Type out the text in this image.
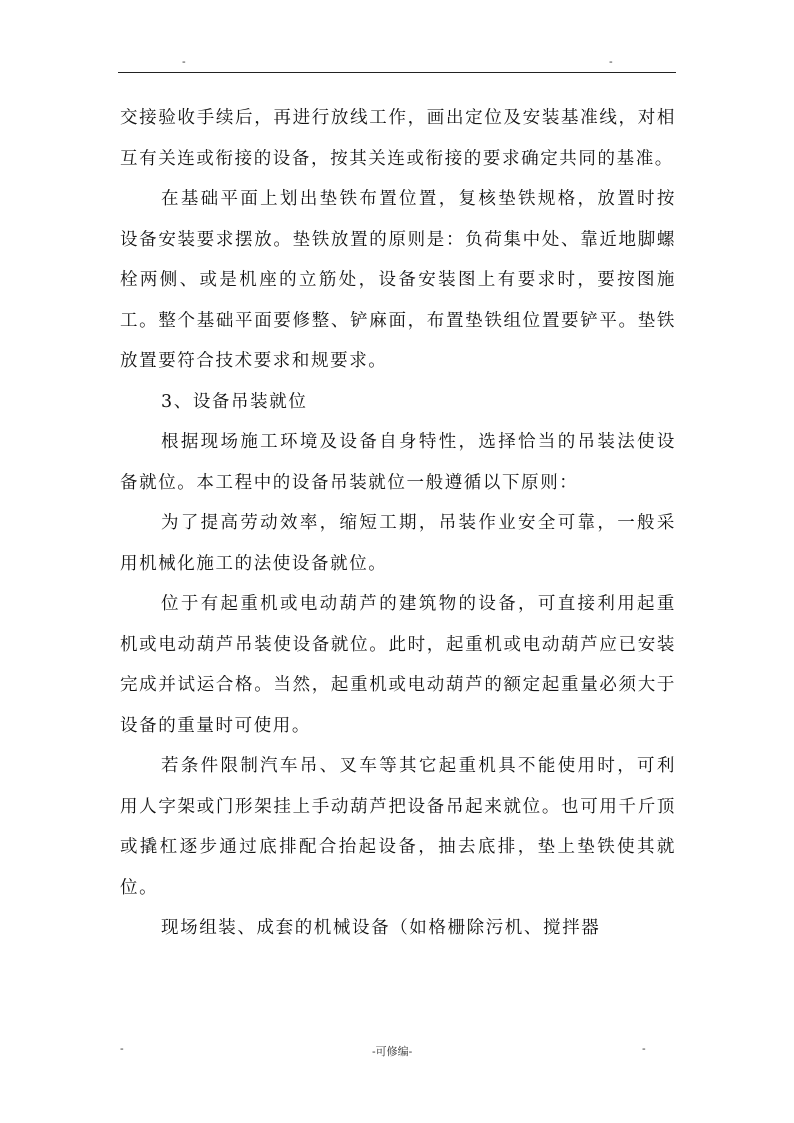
-	-

交接验收手续后，再进行放线工作，画出定位及安装基准线，对相互有关连或衔接的设备，按其关连或衔接的要求确定共同的基准。

在基础平面上划出垫铁布置位置，复核垫铁规格，放置时按设备安装要求摆放。垫铁放置的原则是：负荷集中处、靠近地脚螺栓两侧、或是机座的立筋处，设备安装图上有要求时，要按图施工。整个基础平面要修整、铲麻面，布置垫铁组位置要铲平。垫铁放置要符合技术要求和规要求。

3、设备吊装就位

根据现场施工环境及设备自身特性，选择恰当的吊装法使设备就位。本工程中的设备吊装就位一般遵循以下原则：

为了提高劳动效率，缩短工期，吊装作业安全可靠，一般采用机械化施工的法使设备就位。

位于有起重机或电动葫芦的建筑物的设备，可直接利用起重机或电动葫芦吊装使设备就位。此时，起重机或电动葫芦应已安装完成并试运合格。当然，起重机或电动葫芦的额定起重量必须大于设备的重量时可使用。

若条件限制汽车吊、叉车等其它起重机具不能使用时，可利用人字架或门形架挂上手动葫芦把设备吊起来就位。也可用千斤顶或撬杠逐步通过底排配合抬起设备，抽去底排，垫上垫铁使其就位。

现场组装、成套的机械设备（如格栅除污机、搅拌器

-	-可修编-	-
